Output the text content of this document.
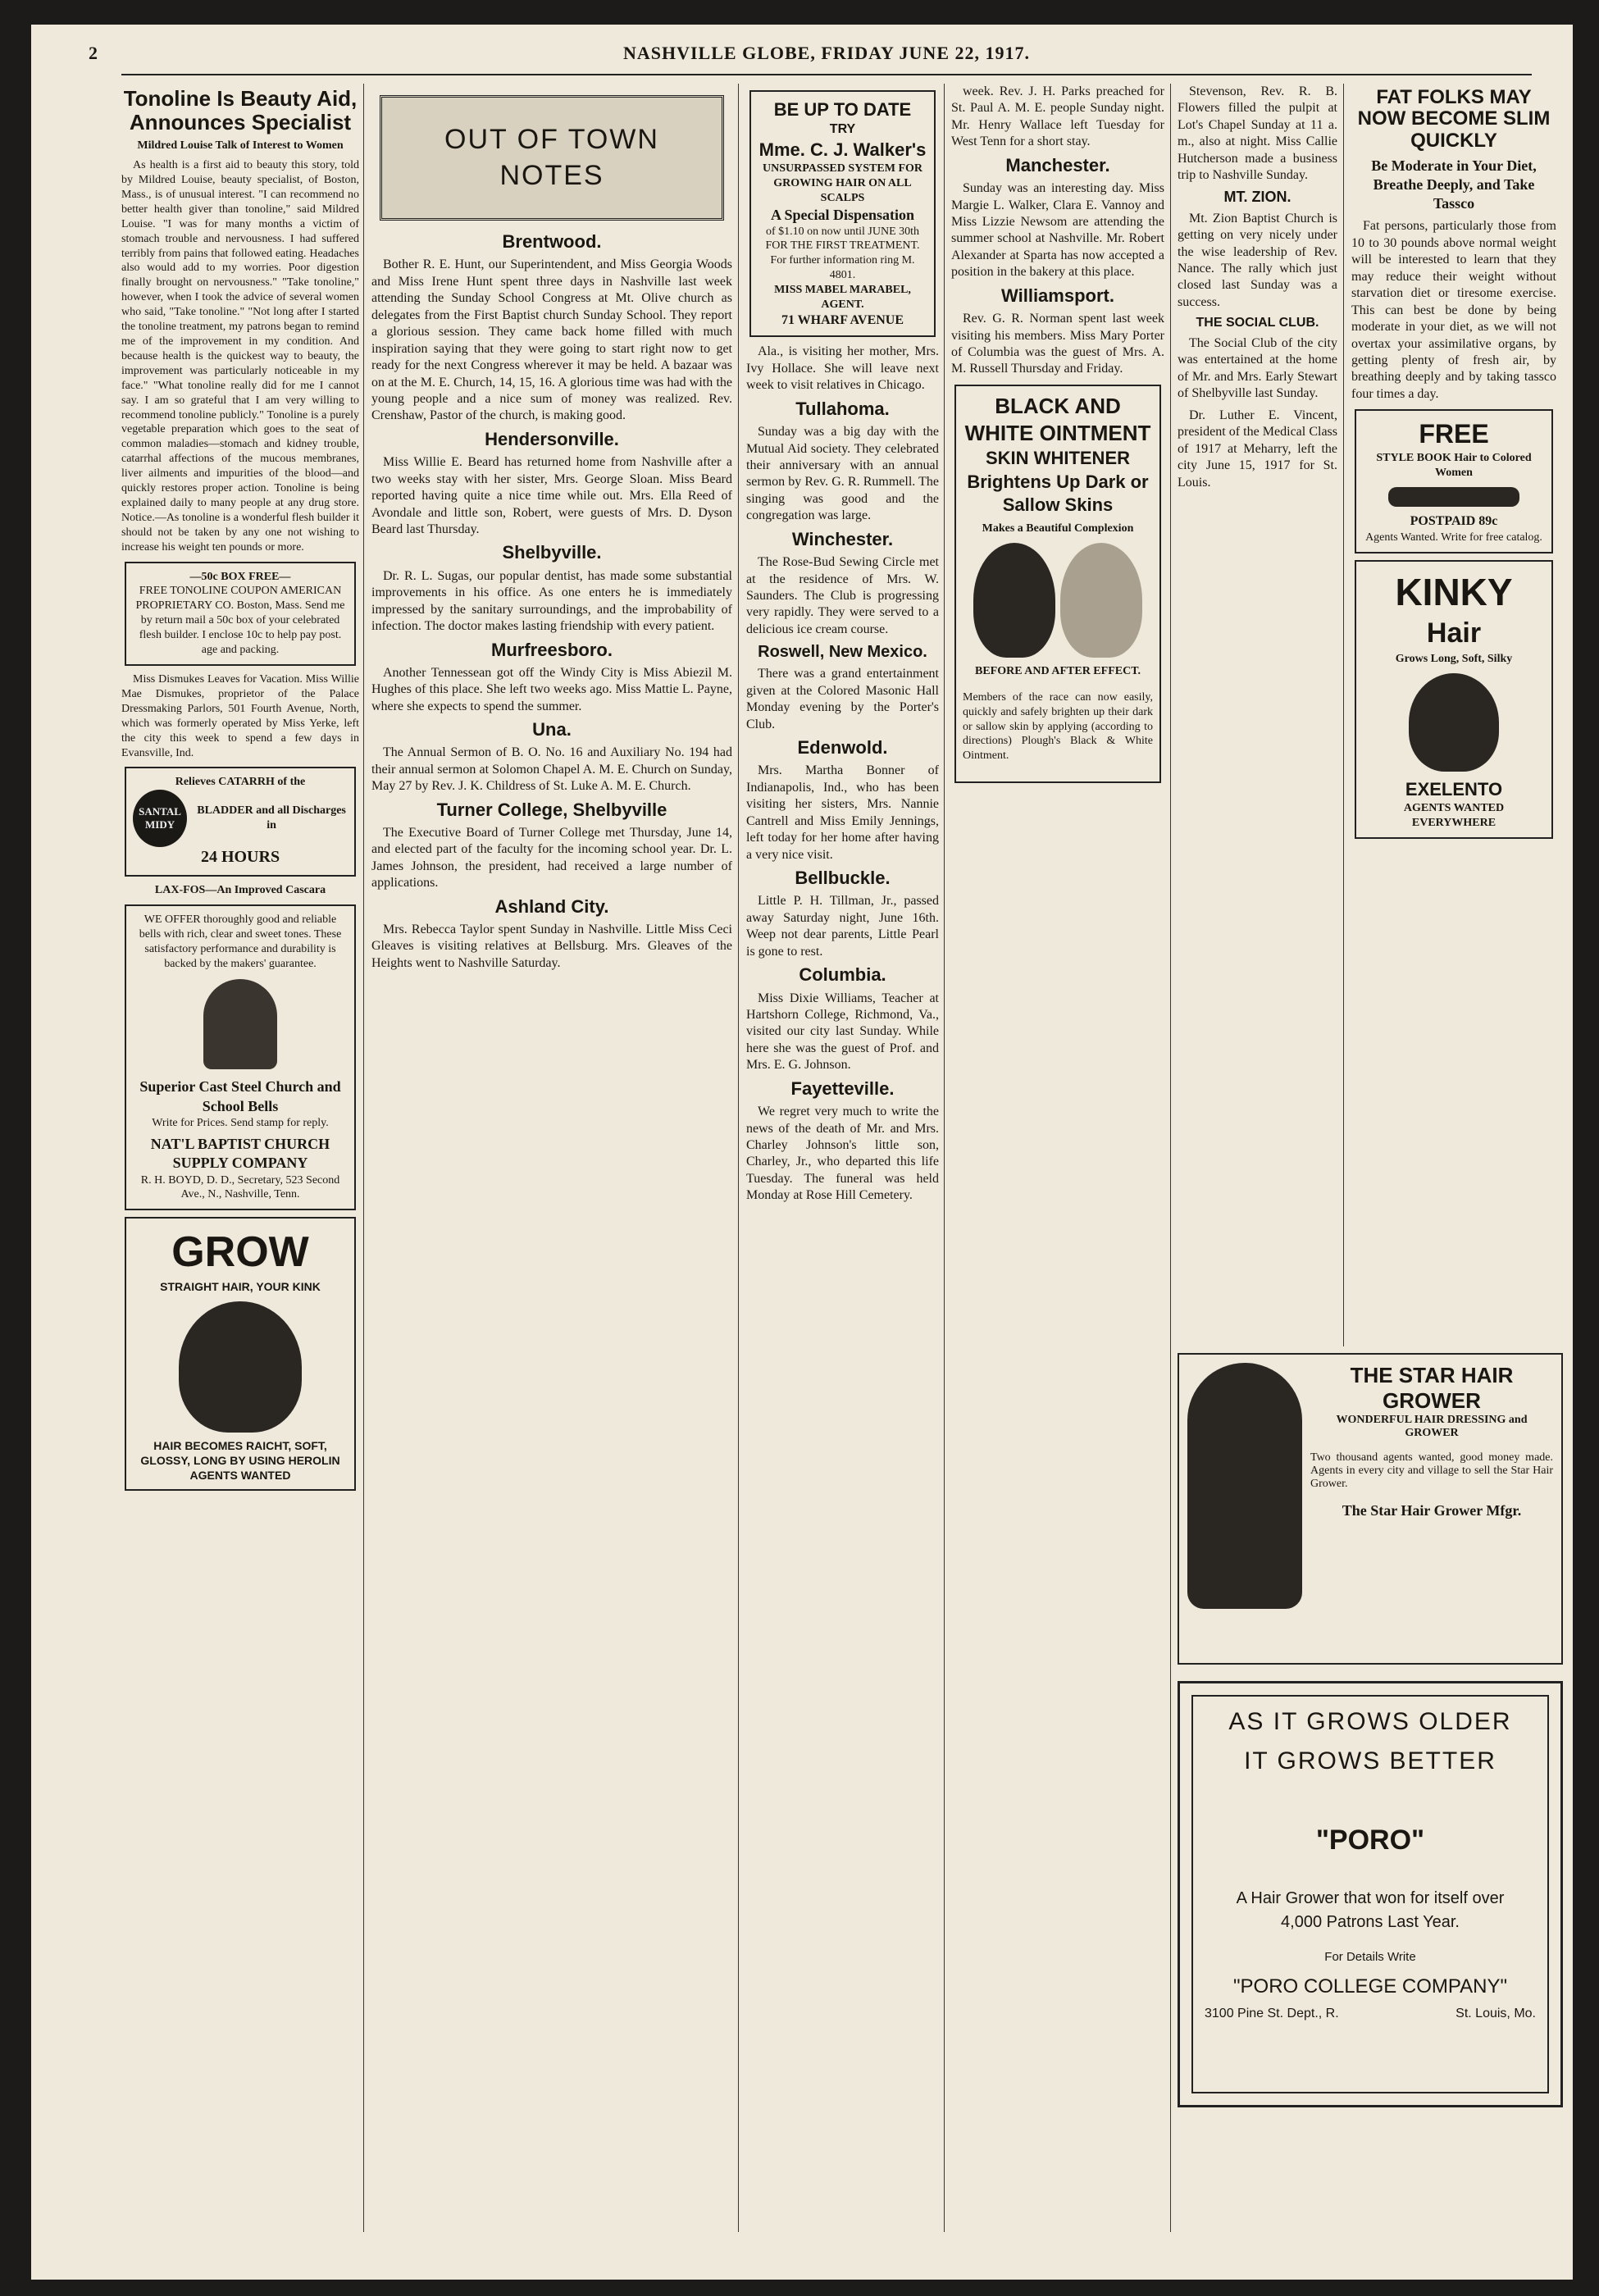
2	NASHVILLE GLOBE, FRIDAY JUNE 22, 1917.
Tonoline Is Beauty Aid, Announces Specialist
Mildred Louise Talk of Interest to Women

As health is a first aid to beauty this story, told by Mildred Louise, beauty specialist, of Boston, Mass., is of unusual interest. "I can recommend no better health giver than tonoline," said Mildred Louise. "I was for many months a victim of stomach trouble and nervousness. I had suffered terribly from pains that followed eating. Headaches also would add to my worries. Poor digestion finally brought on nervousness." "Take tonoline," however, when I took the advice of several women who said, "Take tonoline." "Not long after I started the tonoline treatment, my patrons began to remind me of the improvement in my condition. And because health is the quickest way to beauty, the improvement was particularly noticeable in my face." "What tonoline really did for me I cannot say. I am so grateful that I am very willing to recommend tonoline publicly." Tonoline is a purely vegetable preparation which goes to the seat of common maladies—stomach and kidney trouble, catarrhal affections of the mucous membranes, liver ailments and impurities of the blood—and quickly restores proper action. Tonoline is being explained daily to many people at any drug store. Notice.—As tonoline is a wonderful flesh builder it should not be taken by any one not wishing to increase his weight ten pounds or more.

—50c BOX FREE—
FREE TONOLINE COUPON AMERICAN PROPRIETARY CO. Boston, Mass. Send me by return mail a 50c box of your celebrated flesh builder. I enclose 10c to help pay post. age and packing.

Miss Dismukes Leaves for Vacation. Miss Willie Mae Dismukes, proprietor of the Palace Dressmaking Parlors, 501 Fourth Avenue, North, which was formerly operated by Miss Yerke, left the city this week to spend a few days in Evansville, Ind.

Relieves CATARRH of the
SANTAL MIDY
BLADDER and all Discharges in
24 HOURS
LAX-FOS—An Improved Cascara
WE OFFER thoroughly good and reliable bells with rich, clear and sweet tones. These satisfactory performance and durability is backed by the makers' guarantee.
Superior Cast Steel Church and School Bells
Write for Prices. Send stamp for reply.
NAT'L BAPTIST CHURCH SUPPLY COMPANY
R. H. BOYD, D. D., Secretary, 523 Second Ave., N., Nashville, Tenn.
GROW
STRAIGHT HAIR, YOUR KINK
HAIR BECOMES RAICHT, SOFT, GLOSSY, LONG BY USING HEROLIN
AGENTS WANTED
OUT OF TOWN NOTES
Brentwood.

Bother R. E. Hunt, our Superintendent, and Miss Georgia Woods and Miss Irene Hunt spent three days in Nashville last week attending the Sunday School Congress at Mt. Olive church as delegates from the First Baptist church Sunday School. They report a glorious session. They came back home filled with much inspiration saying that they were going to start right now to get ready for the next Congress wherever it may be held. A bazaar was on at the M. E. Church, 14, 15, 16. A glorious time was had with the young people and a nice sum of money was realized. Rev. Crenshaw, Pastor of the church, is making good.

Hendersonville.

Miss Willie E. Beard has returned home from Nashville after a two weeks stay with her sister, Mrs. George Sloan. Miss Beard reported having quite a nice time while out. Mrs. Ella Reed of Avondale and little son, Robert, were guests of Mrs. D. Dyson Beard last Thursday.

Shelbyville.

Dr. R. L. Sugas, our popular dentist, has made some substantial improvements in his office. As one enters he is immediately impressed by the sanitary surroundings, and the improbability of infection. The doctor makes lasting friendship with every patient.

Murfreesboro.

Another Tennessean got off the Windy City is Miss Abiezil M. Hughes of this place. She left two weeks ago. Miss Mattie L. Payne, where she expects to spend the summer.

Una.

The Annual Sermon of B. O. No. 16 and Auxiliary No. 194 had their annual sermon at Solomon Chapel A. M. E. Church on Sunday, May 27 by Rev. J. K. Childress of St. Luke A. M. E. Church.

Turner College, Shelbyville

The Executive Board of Turner College met Thursday, June 14, and elected part of the faculty for the incoming school year. Dr. L. James Johnson, the president, had received a large number of applications.

Ashland City.

Mrs. Rebecca Taylor spent Sunday in Nashville. Little Miss Ceci Gleaves is visiting relatives at Bellsburg. Mrs. Gleaves of the Heights went to Nashville Saturday.

BE UP TO DATE
TRY
Mme. C. J. Walker's
UNSURPASSED SYSTEM FOR GROWING HAIR ON ALL SCALPS
A Special Dispensation
of $1.10 on now until JUNE 30th FOR THE FIRST TREATMENT.
For further information ring M. 4801.
MISS MABEL MARABEL, AGENT.
71 WHARF AVENUE

Ala., is visiting her mother, Mrs. Ivy Hollace. She will leave next week to visit relatives in Chicago.

Tullahoma.

Sunday was a big day with the Mutual Aid society. They celebrated their anniversary with an annual sermon by Rev. G. R. Rummell. The singing was good and the congregation was large.

Winchester.

The Rose-Bud Sewing Circle met at the residence of Mrs. W. Saunders. The Club is progressing very rapidly. They were served to a delicious ice cream course.

Roswell, New Mexico.

There was a grand entertainment given at the Colored Masonic Hall Monday evening by the Porter's Club.

Edenwold.

Mrs. Martha Bonner of Indianapolis, Ind., who has been visiting her sisters, Mrs. Nannie Cantrell and Miss Emily Jennings, left today for her home after having a very nice visit.

Bellbuckle.

Little P. H. Tillman, Jr., passed away Saturday night, June 16th. Weep not dear parents, Little Pearl is gone to rest.

Columbia.

Miss Dixie Williams, Teacher at Hartshorn College, Richmond, Va., visited our city last Sunday. While here she was the guest of Prof. and Mrs. E. G. Johnson.

Fayetteville.

We regret very much to write the news of the death of Mr. and Mrs. Charley Johnson's little son, Charley, Jr., who departed this life Tuesday. The funeral was held Monday at Rose Hill Cemetery.

week. Rev. J. H. Parks preached for St. Paul A. M. E. people Sunday night. Mr. Henry Wallace left Tuesday for West Tenn for a short stay.

Manchester.

Sunday was an interesting day. Miss Margie L. Walker, Clara E. Vannoy and Miss Lizzie Newsom are attending the summer school at Nashville. Mr. Robert Alexander at Sparta has now accepted a position in the bakery at this place.

Williamsport.

Rev. G. R. Norman spent last week visiting his members. Miss Mary Porter of Columbia was the guest of Mrs. A. M. Russell Thursday and Friday.

BLACK AND WHITE OINTMENT
SKIN WHITENER
Brightens Up Dark or Sallow Skins
Makes a Beautiful Complexion
BEFORE AND AFTER EFFECT.

Members of the race can now easily, quickly and safely brighten up their dark or sallow skin by applying (according to directions) Plough's Black & White Ointment.

Stevenson, Rev. R. B. Flowers filled the pulpit at Lot's Chapel Sunday at 11 a. m., also at night. Miss Callie Hutcherson made a business trip to Nashville Sunday.

MT. ZION.

Mt. Zion Baptist Church is getting on very nicely under the wise leadership of Rev. Nance. The rally which just closed last Sunday was a success.

THE SOCIAL CLUB.

The Social Club of the city was entertained at the home of Mr. and Mrs. Early Stewart of Shelbyville last Sunday.

Dr. Luther E. Vincent, president of the Medical Class of 1917 at Meharry, left the city June 15, 1917 for St. Louis.

THE STAR HAIR GROWER
WONDERFUL HAIR DRESSING and GROWER

Two thousand agents wanted, good money made. Agents in every city and village to sell the Star Hair Grower.

The Star Hair Grower Mfgr.
AS IT GROWS OLDER
IT GROWS BETTER
"PORO"
A Hair Grower that won for itself over
4,000 Patrons Last Year.
For Details Write
"PORO COLLEGE COMPANY"
3100 Pine St. Dept., R.	St. Louis, Mo.
FAT FOLKS MAY NOW BECOME SLIM QUICKLY
Be Moderate in Your Diet, Breathe Deeply, and Take Tassco

Fat persons, particularly those from 10 to 30 pounds above normal weight will be interested to learn that they may reduce their weight without starvation diet or tiresome exercise. This can best be done by being moderate in your diet, as we will not overtax your assimilative organs, by getting plenty of fresh air, by breathing deeply and by taking tassco four times a day.

FREE
STYLE BOOK Hair to Colored Women
POSTPAID 89c
Agents Wanted. Write for free catalog.
KINKY
Hair
Grows Long, Soft, Silky
EXELENTO
AGENTS WANTED EVERYWHERE
